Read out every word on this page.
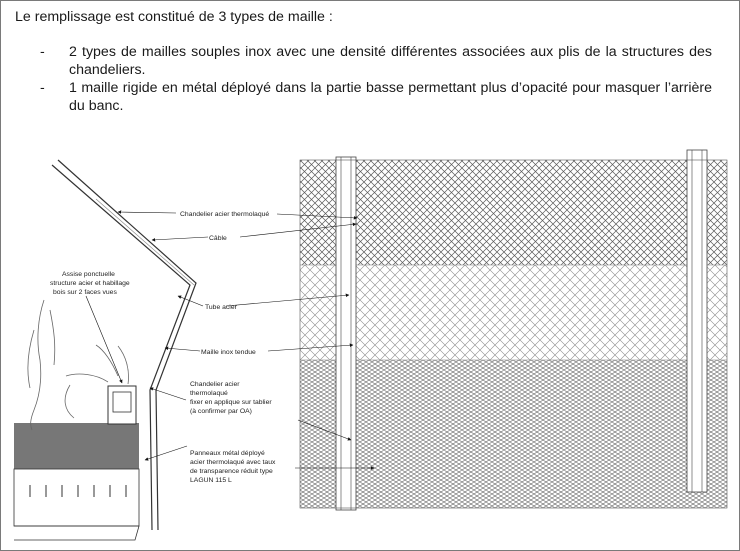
Le remplissage est constitué de 3 types de maille :
- 2 types de mailles souples inox avec une densité différentes associées aux plis de la structures des chandeliers.
- 1 maille rigide en métal déployé dans la partie basse permettant plus d’opacité pour masquer l’arrière du banc.
Chandelier acier thermolaqué
Câble
Assise ponctuelle
structure acier et habillage
bois sur 2 faces vues
Tube acier
Maille inox tendue
Chandelier acier
thermolaqué
fixer en applique sur tablier
(à confirmer par OA)
Panneaux métal déployé
acier thermolaqué avec taux
de transparence réduit type
LAGUN 115 L
